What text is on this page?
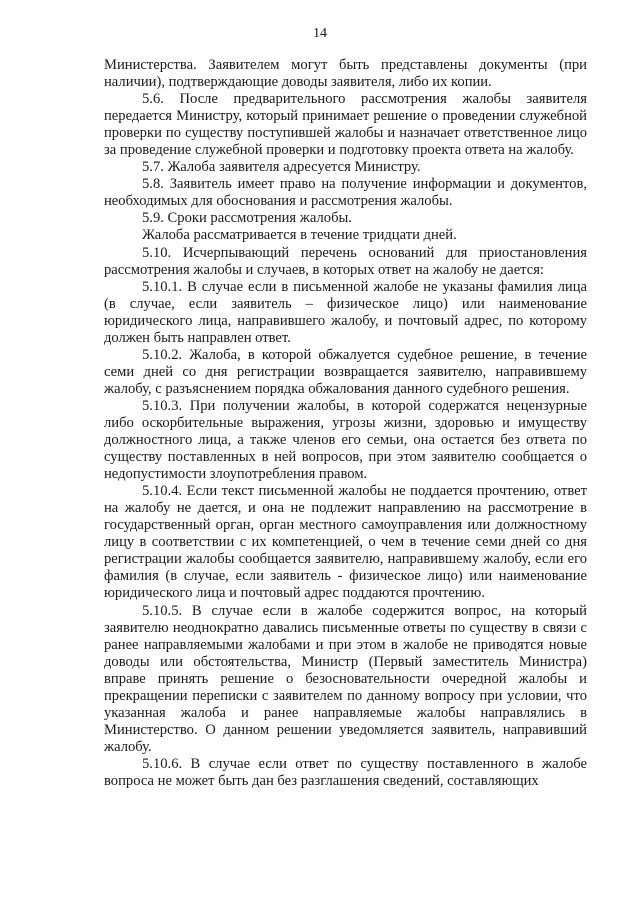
14

Министерства. Заявителем могут быть представлены документы (при наличии), подтверждающие доводы заявителя, либо их копии.

5.6. После предварительного рассмотрения жалобы заявителя передается Министру, который принимает решение о проведении служебной проверки по существу поступившей жалобы и назначает ответственное лицо за проведение служебной проверки и подготовку проекта ответа на жалобу.

5.7. Жалоба заявителя адресуется Министру.

5.8. Заявитель имеет право на получение информации и документов, необходимых для обоснования и рассмотрения жалобы.

5.9. Сроки рассмотрения жалобы.

Жалоба рассматривается в течение тридцати дней.

5.10. Исчерпывающий перечень оснований для приостановления рассмотрения жалобы и случаев, в которых ответ на жалобу не дается:

5.10.1. В случае если в письменной жалобе не указаны фамилия лица (в случае, если заявитель – физическое лицо) или наименование юридического лица, направившего жалобу, и почтовый адрес, по которому должен быть направлен ответ.

5.10.2. Жалоба, в которой обжалуется судебное решение, в течение семи дней со дня регистрации возвращается заявителю, направившему жалобу, с разъяснением порядка обжалования данного судебного решения.

5.10.3. При получении жалобы, в которой содержатся нецензурные либо оскорбительные выражения, угрозы жизни, здоровью и имуществу должностного лица, а также членов его семьи, она остается без ответа по существу поставленных в ней вопросов, при этом заявителю сообщается о недопустимости злоупотребления правом.

5.10.4. Если текст письменной жалобы не поддается прочтению, ответ на жалобу не дается, и она не подлежит направлению на рассмотрение в государственный орган, орган местного самоуправления или должностному лицу в соответствии с их компетенцией, о чем в течение семи дней со дня регистрации жалобы сообщается заявителю, направившему жалобу, если его фамилия (в случае, если заявитель - физическое лицо) или наименование юридического лица и почтовый адрес поддаются прочтению.

5.10.5. В случае если в жалобе содержится вопрос, на который заявителю неоднократно давались письменные ответы по существу в связи с ранее направляемыми жалобами и при этом в жалобе не приводятся новые доводы или обстоятельства, Министр (Первый заместитель Министра) вправе принять решение о безосновательности очередной жалобы и прекращении переписки с заявителем по данному вопросу при условии, что указанная жалоба и ранее направляемые жалобы направлялись в Министерство. О данном решении уведомляется заявитель, направивший жалобу.

5.10.6. В случае если ответ по существу поставленного в жалобе вопроса не может быть дан без разглашения сведений, составляющих
